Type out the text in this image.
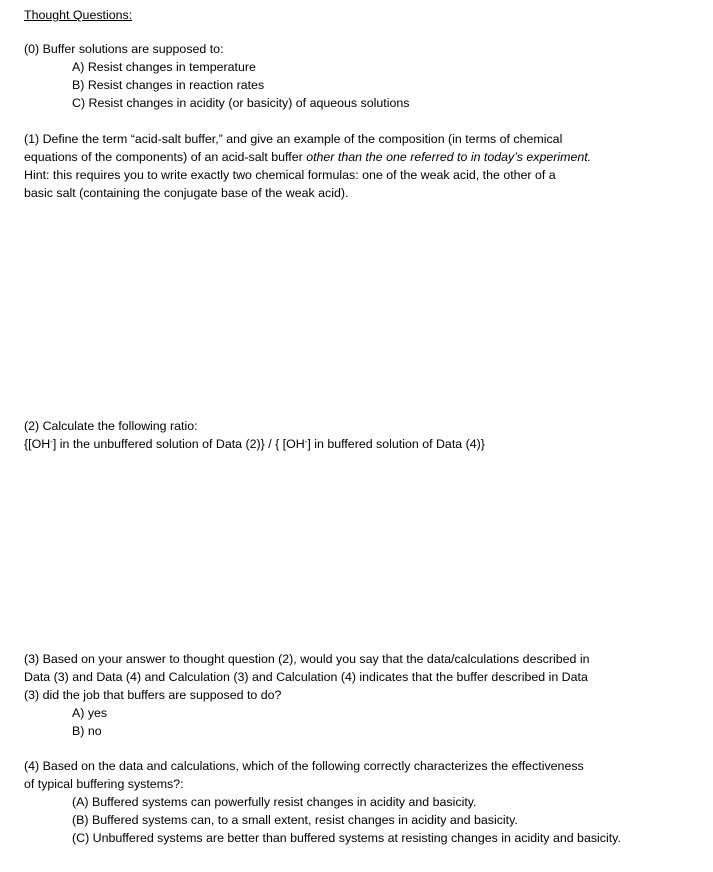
Thought Questions:
(0) Buffer solutions are supposed to:
A) Resist changes in temperature
B) Resist changes in reaction rates
C) Resist changes in acidity (or basicity) of aqueous solutions
(1) Define the term “acid-salt buffer,” and give an example of the composition (in terms of chemical
equations of the components) of an acid-salt buffer other than the one referred to in today’s experiment.
Hint: this requires you to write exactly two chemical formulas: one of the weak acid, the other of a
basic salt (containing the conjugate base of the weak acid).
(2) Calculate the following ratio:
{[OH-] in the unbuffered solution of Data (2)} / { [OH-] in buffered solution of Data (4)}
(3) Based on your answer to thought question (2), would you say that the data/calculations described in
Data (3) and Data (4) and Calculation (3) and Calculation (4) indicates that the buffer described in Data
(3) did the job that buffers are supposed to do?
A) yes
B) no
(4) Based on the data and calculations, which of the following correctly characterizes the effectiveness
of typical buffering systems?:
(A) Buffered systems can powerfully resist changes in acidity and basicity.
(B) Buffered systems can, to a small extent, resist changes in acidity and basicity.
(C) Unbuffered systems are better than buffered systems at resisting changes in acidity and basicity.
